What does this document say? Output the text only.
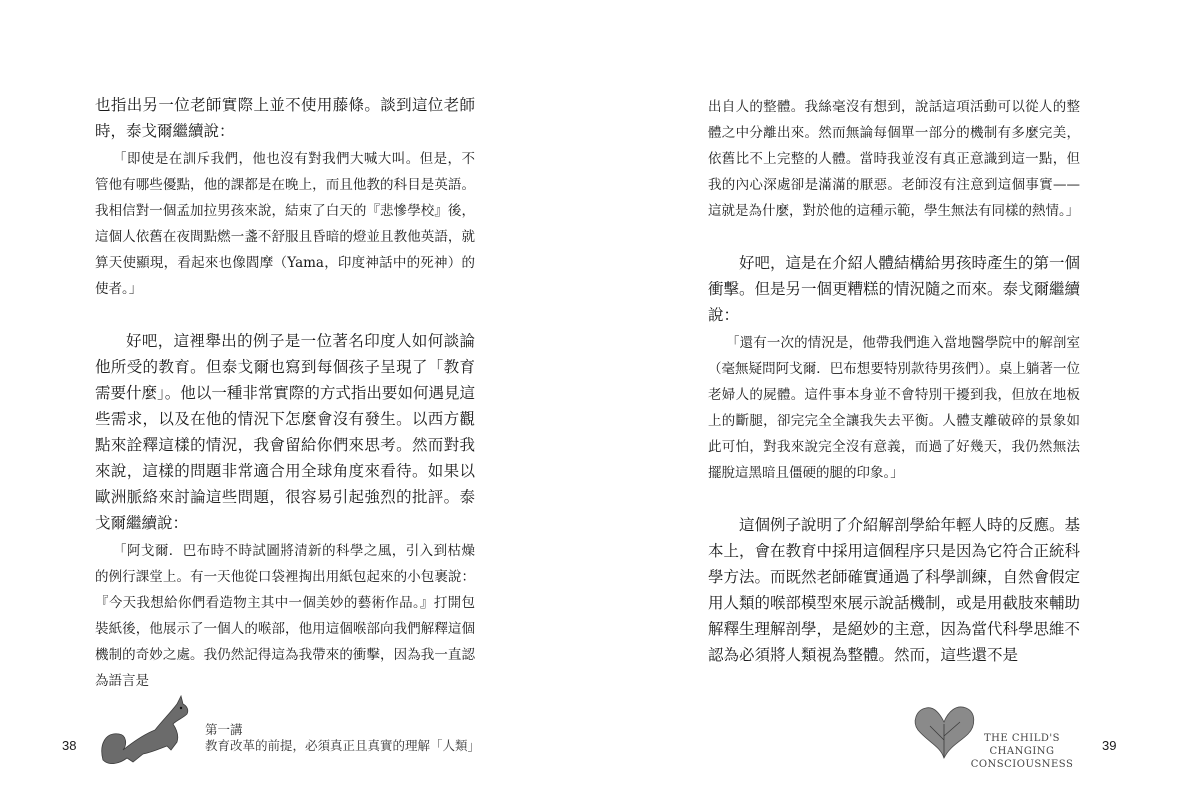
也指出另一位老師實際上並不使用藤條。談到這位老師時，泰戈爾繼續說：

「即使是在訓斥我們，他也沒有對我們大喊大叫。但是，不管他有哪些優點，他的課都是在晚上，而且他教的科目是英語。我相信對一個孟加拉男孩來說，結束了白天的『悲慘學校』後，這個人依舊在夜間點燃一盞不舒服且昏暗的燈並且教他英語，就算天使顯現，看起來也像閻摩（Yama，印度神話中的死神）的使者。」

好吧，這裡舉出的例子是一位著名印度人如何談論他所受的教育。但泰戈爾也寫到每個孩子呈現了「教育需要什麼」。他以一種非常實際的方式指出要如何遇見這些需求，以及在他的情況下怎麼會沒有發生。以西方觀點來詮釋這樣的情況，我會留給你們來思考。然而對我來說，這樣的問題非常適合用全球角度來看待。如果以歐洲脈絡來討論這些問題，很容易引起強烈的批評。泰戈爾繼續說：

「阿戈爾．巴布時不時試圖將清新的科學之風，引入到枯燥的例行課堂上。有一天他從口袋裡掏出用紙包起來的小包裹說：『今天我想給你們看造物主其中一個美妙的藝術作品。』打開包裝紙後，他展示了一個人的喉部，他用這個喉部向我們解釋這個機制的奇妙之處。我仍然記得這為我帶來的衝擊，因為我一直認為語言是

第一講
教育改革的前提，必須真正且真實的理解「人類」
38

出自人的整體。我絲毫沒有想到，說話這項活動可以從人的整體之中分離出來。然而無論每個單一部分的機制有多麼完美，依舊比不上完整的人體。當時我並沒有真正意識到這一點，但我的內心深處卻是滿滿的厭惡。老師沒有注意到這個事實——這就是為什麼，對於他的這種示範，學生無法有同樣的熱情。」

好吧，這是在介紹人體結構給男孩時產生的第一個衝擊。但是另一個更糟糕的情況隨之而來。泰戈爾繼續說：

「還有一次的情況是，他帶我們進入當地醫學院中的解剖室（毫無疑問阿戈爾．巴布想要特別款待男孩們）。桌上躺著一位老婦人的屍體。這件事本身並不會特別干擾到我，但放在地板上的斷腿，卻完完全全讓我失去平衡。人體支離破碎的景象如此可怕，對我來說完全沒有意義，而過了好幾天，我仍然無法擺脫這黑暗且僵硬的腿的印象。」

這個例子說明了介紹解剖學給年輕人時的反應。基本上，會在教育中採用這個程序只是因為它符合正統科學方法。而既然老師確實通過了科學訓練，自然會假定用人類的喉部模型來展示說話機制，或是用截肢來輔助解釋生理解剖學，是絕妙的主意，因為當代科學思維不認為必須將人類視為整體。然而，這些還不是

THE CHILD'S CHANGING
CONSCIOUSNESS
39
